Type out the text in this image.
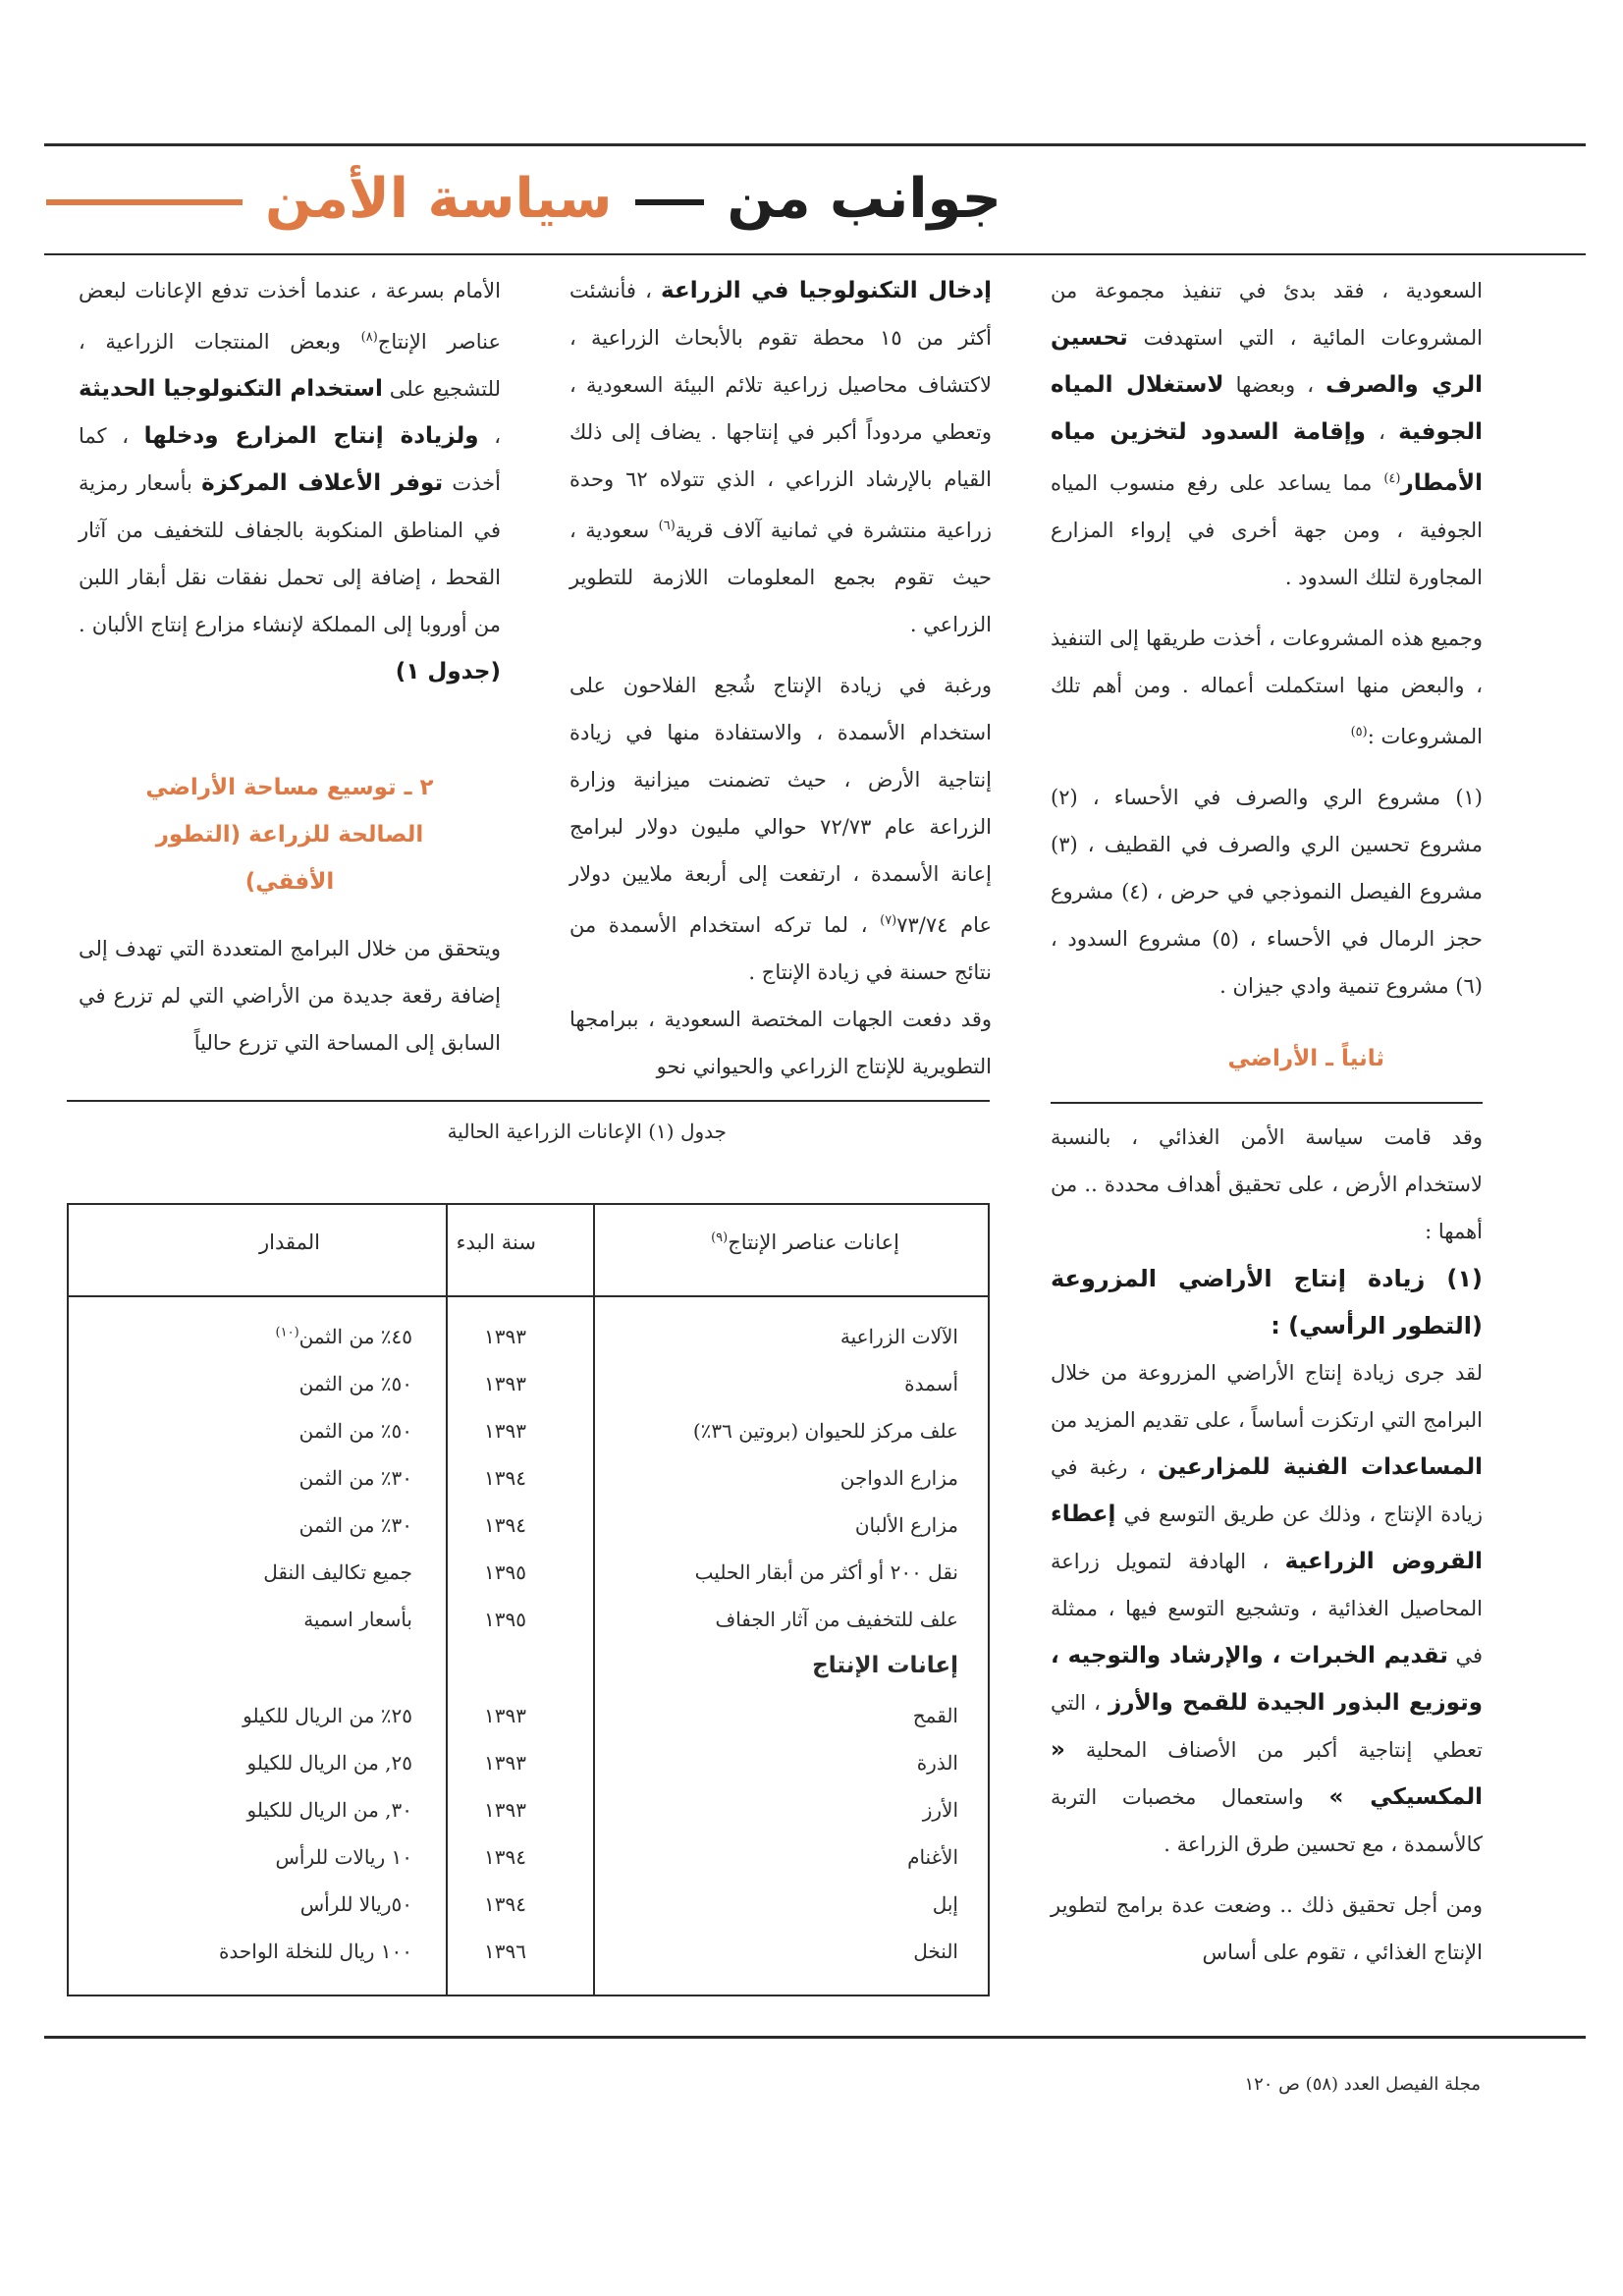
جوانب من  سياسة الأمن

السعودية ، فقد بدئ في تنفيذ مجموعة من المشروعات المائية ، التي استهدفت تحسين الري والصرف ، وبعضها لاستغلال المياه الجوفية ، وإقامة السدود لتخزين مياه الأمطار$^{(٤)}$ مما يساعد على رفع منسوب المياه الجوفية ، ومن جهة أخرى في إرواء المزارع المجاورة لتلك السدود .

وجميع هذه المشروعات ، أخذت طريقها إلى التنفيذ ، والبعض منها استكملت أعماله . ومن أهم تلك المشروعات :$^{(٥)}$

(١) مشروع الري والصرف في الأحساء ، (٢) مشروع تحسين الري والصرف في القطيف ، (٣) مشروع الفيصل النموذجي في حرض ، (٤) مشروع حجز الرمال في الأحساء ، (٥) مشروع السدود ، (٦) مشروع تنمية وادي جيزان .

ثانياً ـ الأراضي

وقد قامت سياسة الأمن الغذائي ، بالنسبة لاستخدام الأرض ، على تحقيق أهداف محددة .. من أهمها :

(١) زيادة إنتاج الأراضي المزروعة (التطور الرأسي) :

لقد جرى زيادة إنتاج الأراضي المزروعة من خلال البرامج التي ارتكزت أساساً ، على تقديم المزيد من المساعدات الفنية للمزارعين ، رغبة في زيادة الإنتاج ، وذلك عن طريق التوسع في إعطاء القروض الزراعية ، الهادفة لتمويل زراعة المحاصيل الغذائية ، وتشجيع التوسع فيها ، ممثلة في تقديم الخبرات ، والإرشاد والتوجيه ، وتوزيع البذور الجيدة للقمح والأرز ، التي تعطي إنتاجية أكبر من الأصناف المحلية « المكسيكي » واستعمال مخصبات التربة كالأسمدة ، مع تحسين طرق الزراعة .

ومن أجل تحقيق ذلك .. وضعت عدة برامج لتطوير الإنتاج الغذائي ، تقوم على أساس

إدخال التكنولوجيا في الزراعة ، فأنشئت أكثر من ١٥ محطة تقوم بالأبحاث الزراعية ، لاكتشاف محاصيل زراعية تلائم البيئة السعودية ، وتعطي مردوداً أكبر في إنتاجها . يضاف إلى ذلك القيام بالإرشاد الزراعي ، الذي تتولاه ٦٢ وحدة زراعية منتشرة في ثمانية آلاف قرية$^{(٦)}$ سعودية ، حيث تقوم بجمع المعلومات اللازمة للتطوير الزراعي .

ورغبة في زيادة الإنتاج شُجع الفلاحون على استخدام الأسمدة ، والاستفادة منها في زيادة إنتاجية الأرض ، حيث تضمنت ميزانية وزارة الزراعة عام ٧٢/٧٣ حوالي مليون دولار لبرامج إعانة الأسمدة ، ارتفعت إلى أربعة ملايين دولار عام ٧٣/٧٤$^{(٧)}$ ، لما تركه استخدام الأسمدة من نتائج حسنة في زيادة الإنتاج .

وقد دفعت الجهات المختصة السعودية ، ببرامجها التطويرية للإنتاج الزراعي والحيواني نحو

الأمام بسرعة ، عندما أخذت تدفع الإعانات لبعض عناصر الإنتاج$^{(٨)}$ وبعض المنتجات الزراعية ، للتشجيع على استخدام التكنولوجيا الحديثة ، ولزيادة إنتاج المزارع ودخلها ، كما أخذت توفر الأعلاف المركزة بأسعار رمزية في المناطق المنكوبة بالجفاف للتخفيف من آثار القحط ، إضافة إلى تحمل نفقات نقل أبقار اللبن من أوروبا إلى المملكة لإنشاء مزارع إنتاج الألبان . (جدول ١)

٢ ـ توسيع مساحة الأراضي الصالحة للزراعة (التطور الأفقي)

ويتحقق من خلال البرامج المتعددة التي تهدف إلى إضافة رقعة جديدة من الأراضي التي لم تزرع في السابق إلى المساحة التي تزرع حالياً

جدول (١) الإعانات الزراعية الحالية
إعانات عناصر الإنتاج$^{(٩)}$
سنة البدء
المقدار
الآلات الزراعية
١٣٩٣
٤٥٪ من الثمن$^{(١٠)}$
أسمدة
١٣٩٣
٥٠٪ من الثمن
علف مركز للحيوان (بروتين ٣٦٪)
١٣٩٣
٥٠٪ من الثمن
مزارع الدواجن
١٣٩٤
٣٠٪ من الثمن
مزارع الألبان
١٣٩٤
٣٠٪ من الثمن
نقل ٢٠٠ أو أكثر من أبقار الحليب
١٣٩٥
جميع تكاليف النقل
علف للتخفيف من آثار الجفاف
١٣٩٥
بأسعار اسمية
إعانات الإنتاج
القمح
١٣٩٣
٢٥٪ من الريال للكيلو
الذرة
١٣٩٣
٢٥, من الريال للكيلو
الأرز
١٣٩٣
٣٠, من الريال للكيلو
الأغنام
١٣٩٤
١٠ ريالات للرأس
إبل
١٣٩٤
٥٠ريالا للرأس
النخل
١٣٩٦
١٠٠ ريال للنخلة الواحدة
مجلة الفيصل العدد (٥٨) ص ١٢٠
